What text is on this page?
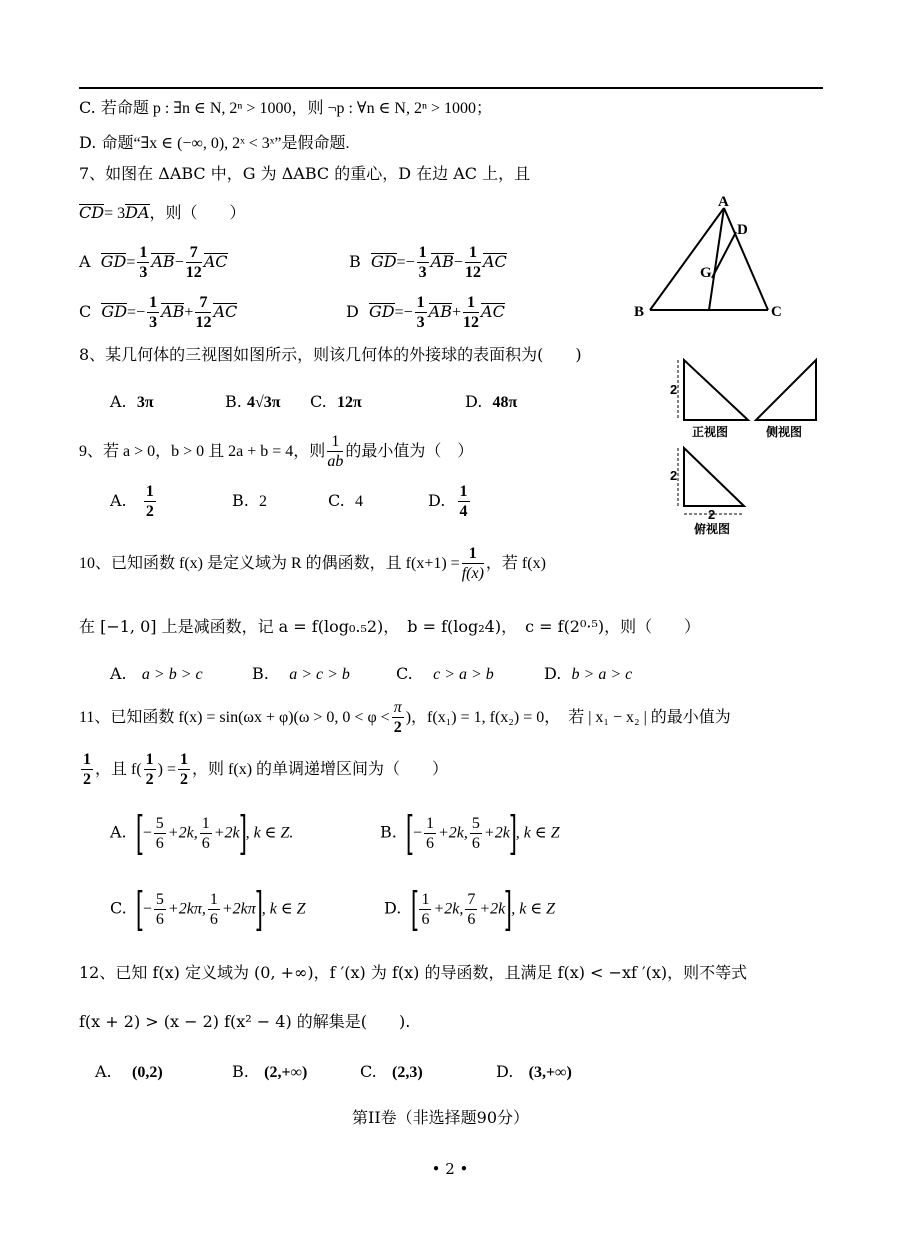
C. 若命题 p : ∃n ∈ N, 2ⁿ > 1000，则 ¬p : ∀n ∈ N, 2ⁿ > 1000；
D. 命题“∃x ∈ (−∞, 0), 2ˣ < 3ˣ”是假命题.
7、如图在 ΔABC 中，G 为 ΔABC 的重心，D 在边 AC 上，且
CD= 3DA，则（　　）
A $GD= \frac{1}{3} AB- \frac{7}{12}$ AC	B $GD=- \frac{1}{3} AB- \frac{1}{12}$ AC
C $GD=- \frac{1}{3} AB+ \frac{7}{12}$ AC	D $GD=- \frac{1}{3} AB+ \frac{1}{12}$ AC
A
D
G
B	C
8、某几何体的三视图如图所示，则该几何体的外接球的表面积为(　　)
A. 3π	B. 4√3π C. 12π	D. 48π
2
正视图	侧视图
2
2
俯视图
9、若 a > 0，b > 0 且 2a + b = 4，则 $\frac{1}{ab}$ 的最小值为（　）
A. $\frac{1}{2}$	B. 2	C. 4	D. $\frac{1}{4}$
10、已知函数 f(x) 是定义域为 R 的偶函数，且 $f(x+1) = \frac{1}{f(x)}$ ，若 f(x)
在 [−1, 0] 上是减函数，记 a = f(log₀.₅2)，　b = f(log₂4)，　c = f(2⁰·⁵)，则（　　）
A. a > b > c	B. a > c > b	C. c > a > b	D. b > a > c
11、已知函数 f(x) = sin(ωx + φ)(ω > 0, $0 < \varphi < \frac{\pi}{2}$ )，f(x₁) = 1, f(x₂) = 0，　若 | x₁ − x₂ | 的最小值为
$\frac{1}{2}$ ，且 $f( \frac{1}{2}$ ) = $\frac{1}{2}$ ，则 f(x) 的单调递增区间为（　　）
A. [− $\frac{5}{6} +2k$, $\frac{1}{6} +2k$], k ∈ Z.	B. [− $\frac{1}{6} +2k$, $\frac{5}{6} +2k$], k ∈ Z
C. [− $\frac{5}{6} +2k\pi$, $\frac{1}{6} +2k\pi$], k ∈ Z	D. [ $\frac{1}{6} +2k$, $\frac{7}{6} +2k$], k ∈ Z
12、已知 f(x) 定义域为 (0, +∞)，f ′(x) 为 f(x) 的导函数，且满足 f(x) < −xf ′(x)，则不等式
f(x + 2) > (x − 2) f(x² − 4) 的解集是(　　).
A. (0,2)	B. (2,+∞)	C. (2,3)	D. (3,+∞)
第II卷（非选择题90分）
• 2 •
